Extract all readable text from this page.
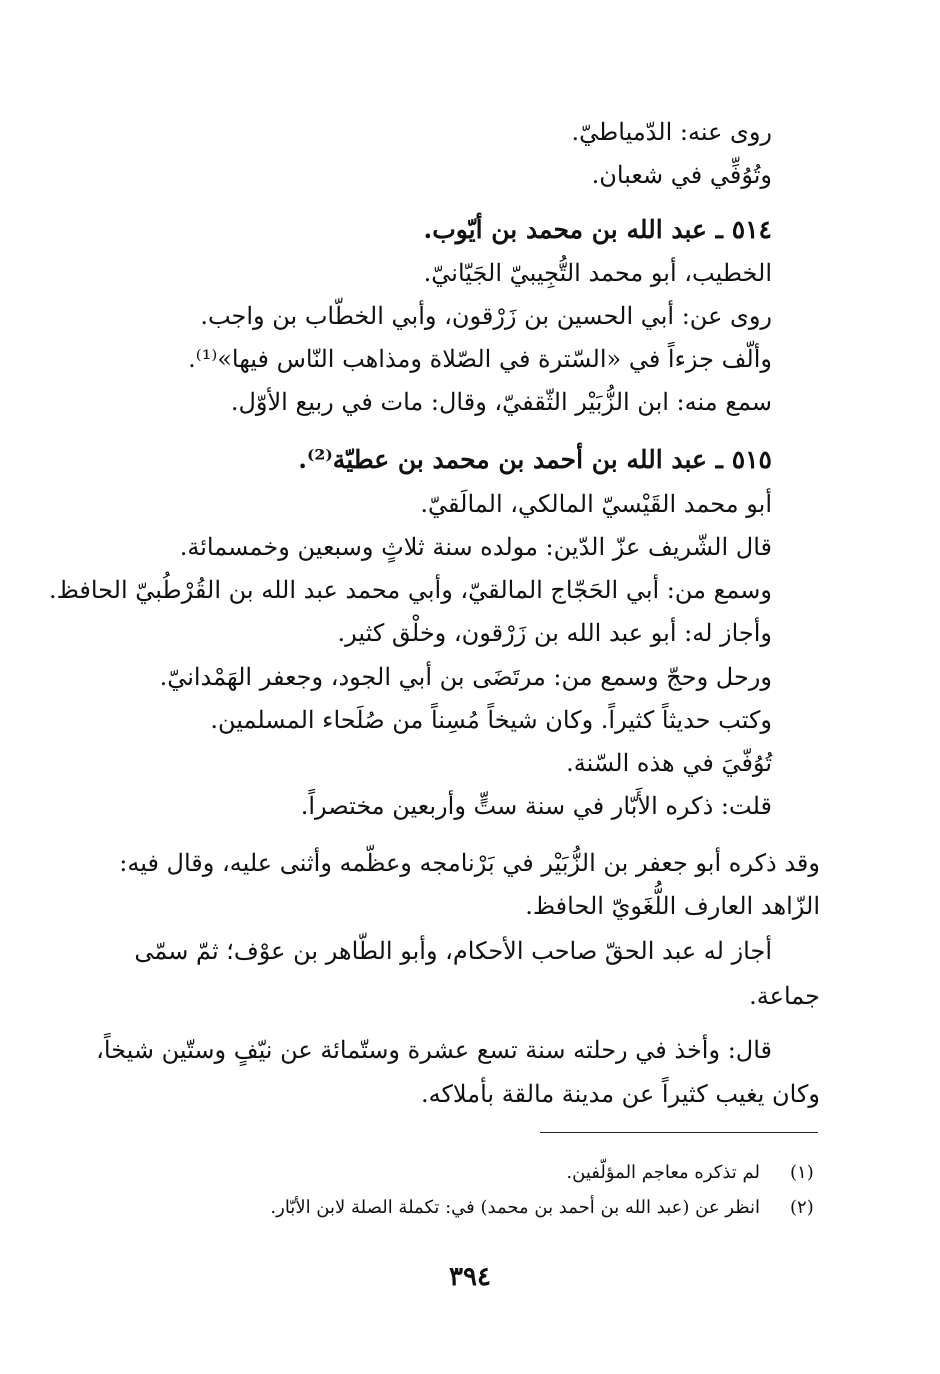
روى عنه: الدّمياطيّ.
وتُوُفِّي في شعبان.
٥١٤ ـ عبد الله بن محمد بن أيّوب.
الخطيب، أبو محمد التُّجِيبيّ الجَيّانيّ.
روى عن: أبي الحسين بن زَرْقون، وأبي الخطّاب بن واجب.
وألّف جزءاً في «السّترة في الصّلاة ومذاهب النّاس فيها»⁽¹⁾.
سمع منه: ابن الزُّبَيْر الثّقفيّ، وقال: مات في ربيع الأوّل.
٥١٥ ـ عبد الله بن أحمد بن محمد بن عطيّة⁽²⁾.
أبو محمد القَيْسيّ المالكي، المالَقيّ.
قال الشّريف عزّ الدّين: مولده سنة ثلاثٍ وسبعين وخمسمائة.
وسمع من: أبي الحَجّاج المالقيّ، وأبي محمد عبد الله بن القُرْطُبيّ الحافظ.
وأجاز له: أبو عبد الله بن زَرْقون، وخلْق كثير.
ورحل وحجّ وسمع من: مرتَضَى بن أبي الجود، وجعفر الهَمْدانيّ.
وكتب حديثاً كثيراً. وكان شيخاً مُسِناً من صُلَحاء المسلمين.
تُوُفّيَ في هذه السّنة.
قلت: ذكره الأَبّار في سنة ستٍّ وأربعين مختصراً.
وقد ذكره أبو جعفر بن الزُّبَيْر في بَرْنامجه وعظّمه وأثنى عليه، وقال فيه:
الزّاهد العارف اللُّغَويّ الحافظ.
أجاز له عبد الحقّ صاحب الأحكام، وأبو الطّاهر بن عوْف؛ ثمّ سمّى
جماعة.
قال: وأخذ في رحلته سنة تسع عشرة وستّمائة عن نيّفٍ وستّين شيخاً،
وكان يغيب كثيراً عن مدينة مالقة بأملاكه.
(١)
لم تذكره معاجم المؤلّفين.
(٢)
انظر عن (عبد الله بن أحمد بن محمد) في: تكملة الصلة لابن الأبّار.
٣٩٤
